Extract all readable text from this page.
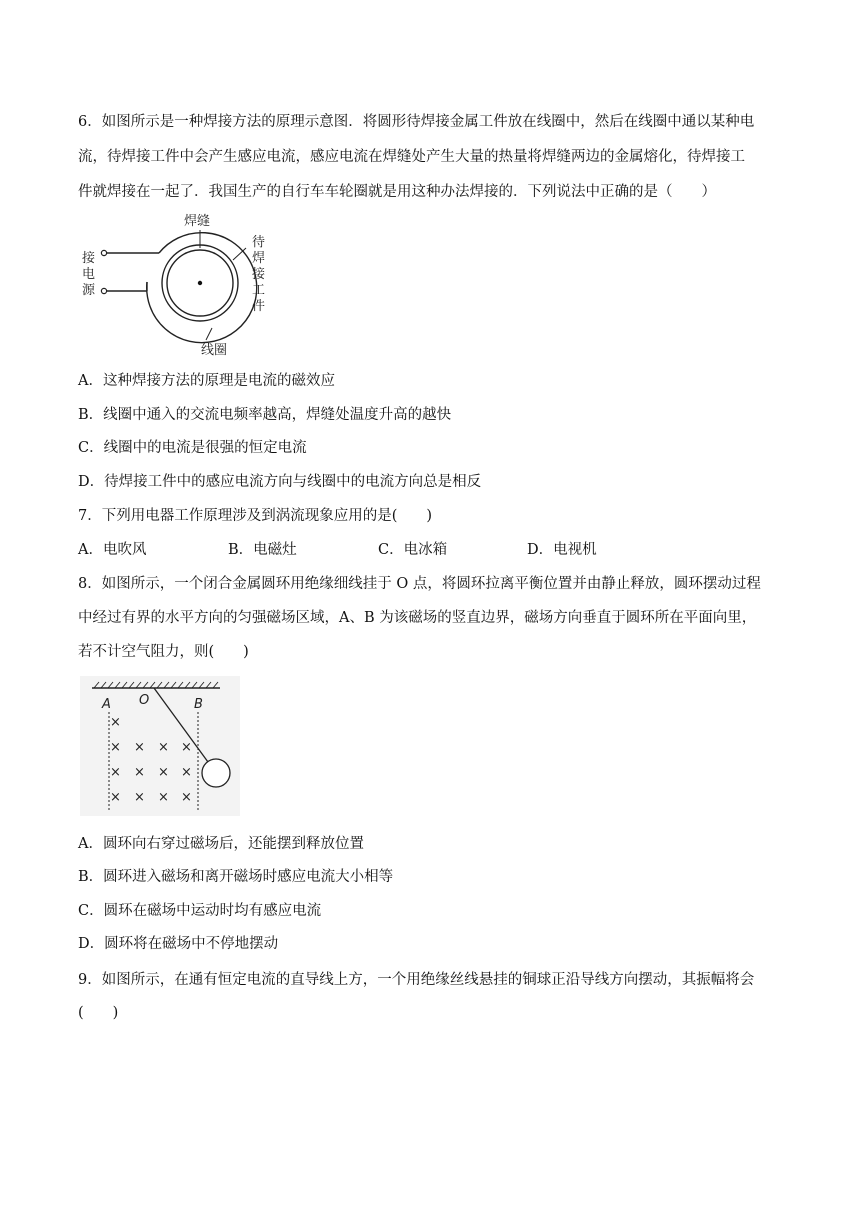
6．如图所示是一种焊接方法的原理示意图．将圆形待焊接金属工件放在线圈中，然后在线圈中通以某种电
流，待焊接工件中会产生感应电流，感应电流在焊缝处产生大量的热量将焊缝两边的金属熔化，待焊接工
件就焊接在一起了．我国生产的自行车车轮圈就是用这种办法焊接的．下列说法中正确的是（　　）
焊缝
接
电
源
待
焊
接
工
件
线圈
A．这种焊接方法的原理是电流的磁效应
B．线圈中通入的交流电频率越高，焊缝处温度升高的越快
C．线圈中的电流是很强的恒定电流
D．待焊接工件中的感应电流方向与线圈中的电流方向总是相反
7．下列用电器工作原理涉及到涡流现象应用的是(　　)
A．电吹风	B．电磁灶	C．电冰箱	D．电视机
8．如图所示，一个闭合金属圆环用绝缘细线挂于 O 点，将圆环拉离平衡位置并由静止释放，圆环摆动过程
中经过有界的水平方向的匀强磁场区域，A、B 为该磁场的竖直边界，磁场方向垂直于圆环所在平面向里，
若不计空气阻力，则(　　)
A O	B
×
× × × ×
× × × ×
× × × ×
A．圆环向右穿过磁场后，还能摆到释放位置
B．圆环进入磁场和离开磁场时感应电流大小相等
C．圆环在磁场中运动时均有感应电流
D．圆环将在磁场中不停地摆动
9．如图所示，在通有恒定电流的直导线上方，一个用绝缘丝线悬挂的铜球正沿导线方向摆动，其振幅将会
(　　)
